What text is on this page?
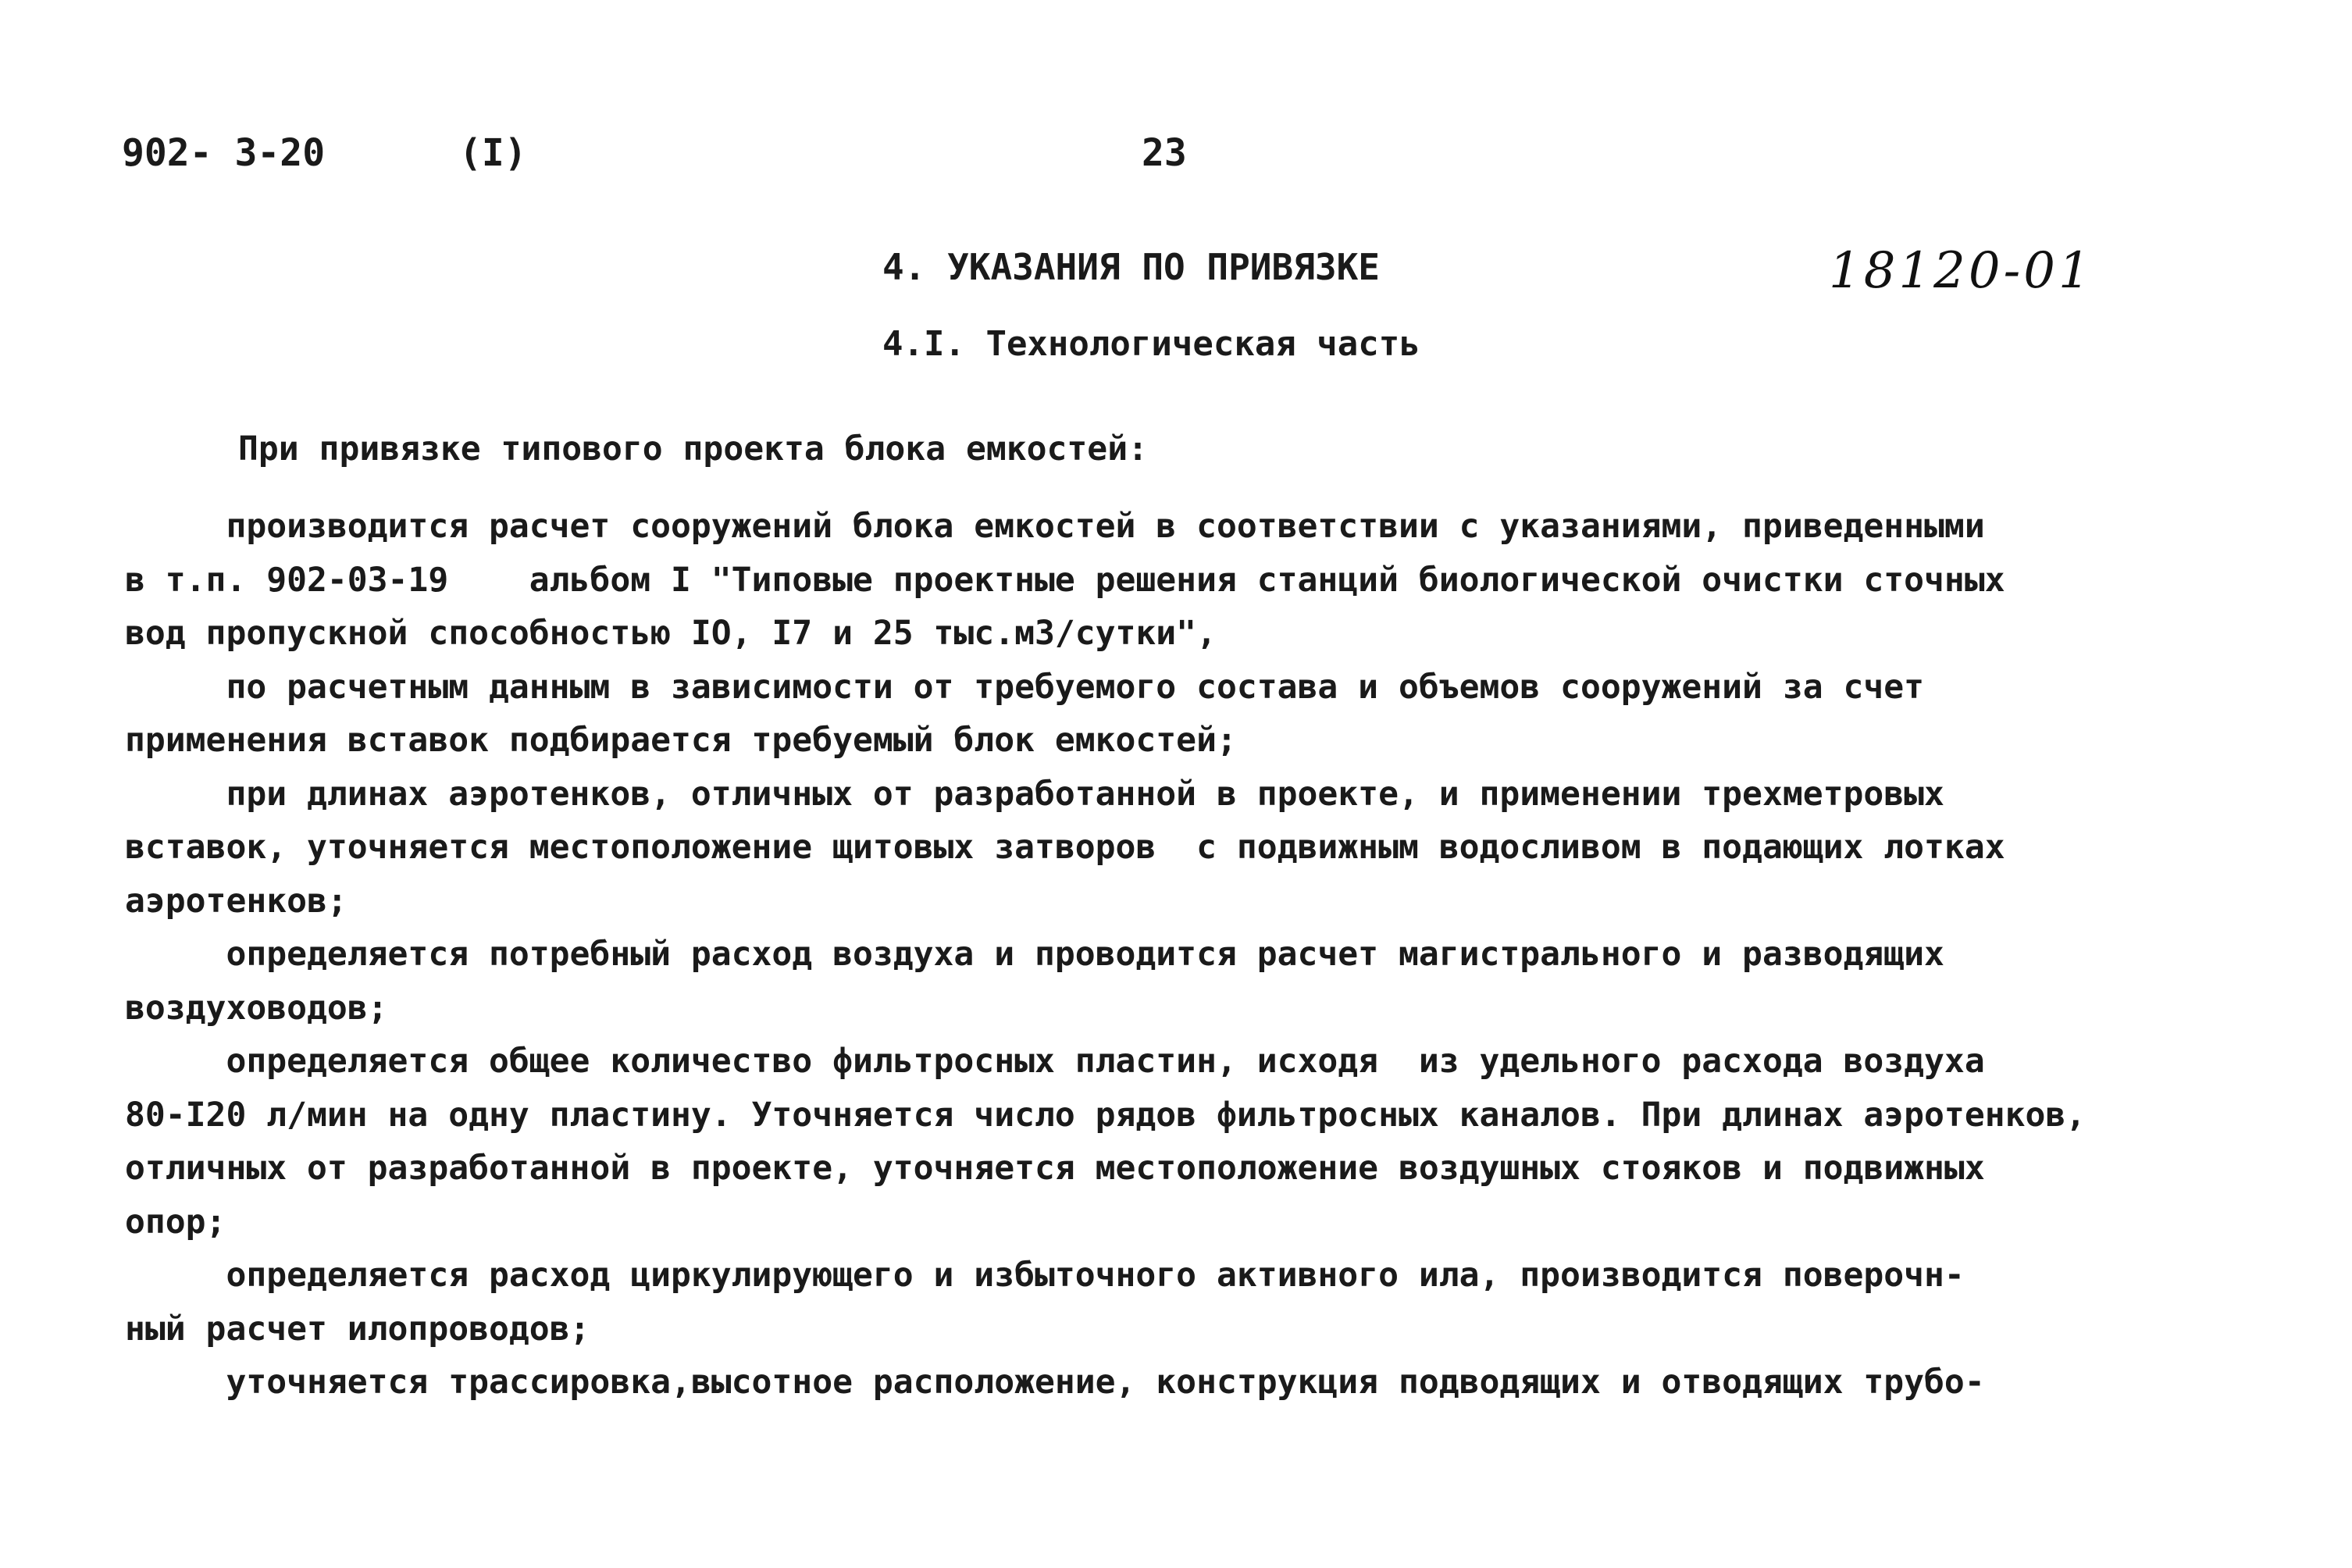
902- 3-20	(I)	23
18120-01
4. УКАЗАНИЯ ПО ПРИВЯЗКЕ
4.I. Технологическая часть
При привязке типового проекта блока емкостей:

производится расчет сооружений блока емкостей в соответствии с указаниями, приведенными

в т.п. 902-03-19    альбом I "Типовые проектные решения станций биологической очистки сточных

вод пропускной способностью IO, I7 и 25 тыс.м3/сутки",

по расчетным данным в зависимости от требуемого состава и объемов сооружений за счет

применения вставок подбирается требуемый блок емкостей;

при длинах аэротенков, отличных от разработанной в проекте, и применении трехметровых

вставок, уточняется местоположение щитовых затворов  с подвижным водосливом в подающих лотках

аэротенков;

определяется потребный расход воздуха и проводится расчет магистрального и разводящих

воздуховодов;

определяется общее количество фильтросных пластин, исходя  из удельного расхода воздуха

80-I20 л/мин на одну пластину. Уточняется число рядов фильтросных каналов. При длинах аэротенков,

отличных от разработанной в проекте, уточняется местоположение воздушных стояков и подвижных

опор;

определяется расход циркулирующего и избыточного активного ила, производится поверочн-

ный расчет илопроводов;

уточняется трассировка,высотное расположение, конструкция подводящих и отводящих трубо-
